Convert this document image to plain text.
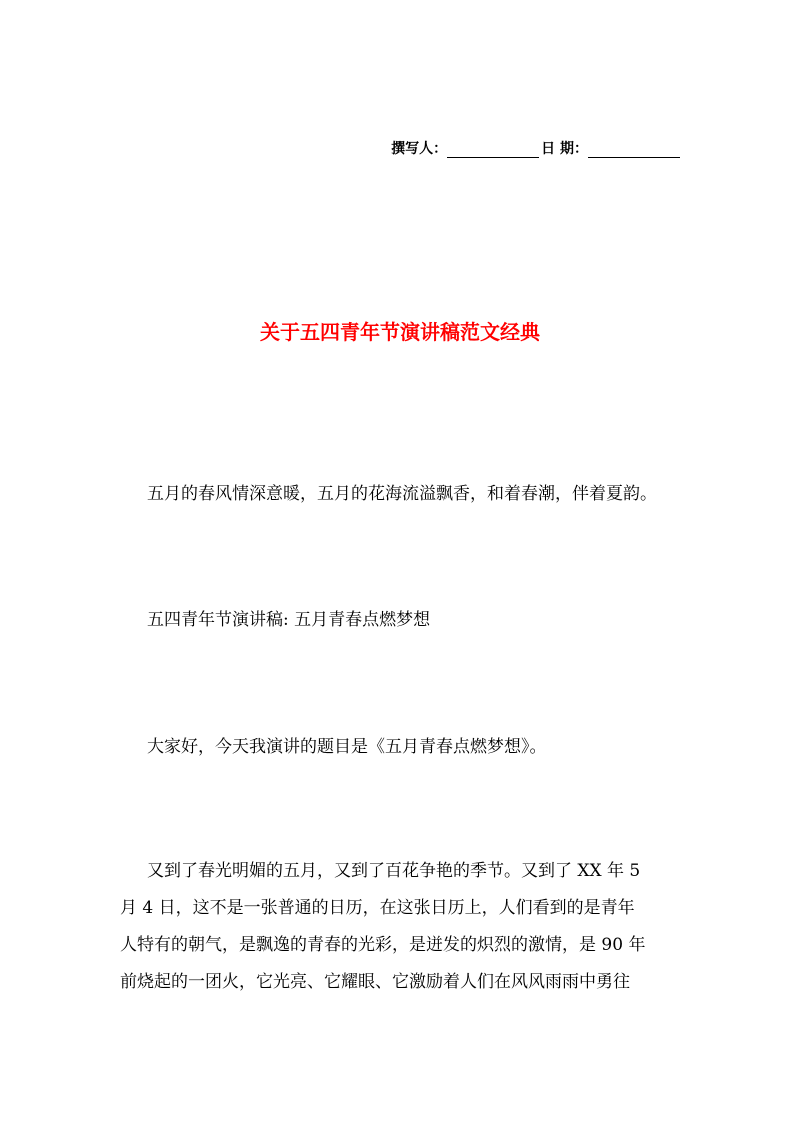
撰写人：	日 期：
关于五四青年节演讲稿范文经典
五月的春风情深意暖，五月的花海流溢飘香，和着春潮，伴着夏韵。
五四青年节演讲稿: 五月青春点燃梦想
大家好，今天我演讲的题目是《五月青春点燃梦想》。
又到了春光明媚的五月，又到了百花争艳的季节。又到了 XX 年 5
月 4 日，这不是一张普通的日历，在这张日历上，人们看到的是青年
人特有的朝气，是飘逸的青春的光彩，是迸发的炽烈的激情，是 90 年
前烧起的一团火，它光亮、它耀眼、它激励着人们在风风雨雨中勇往
